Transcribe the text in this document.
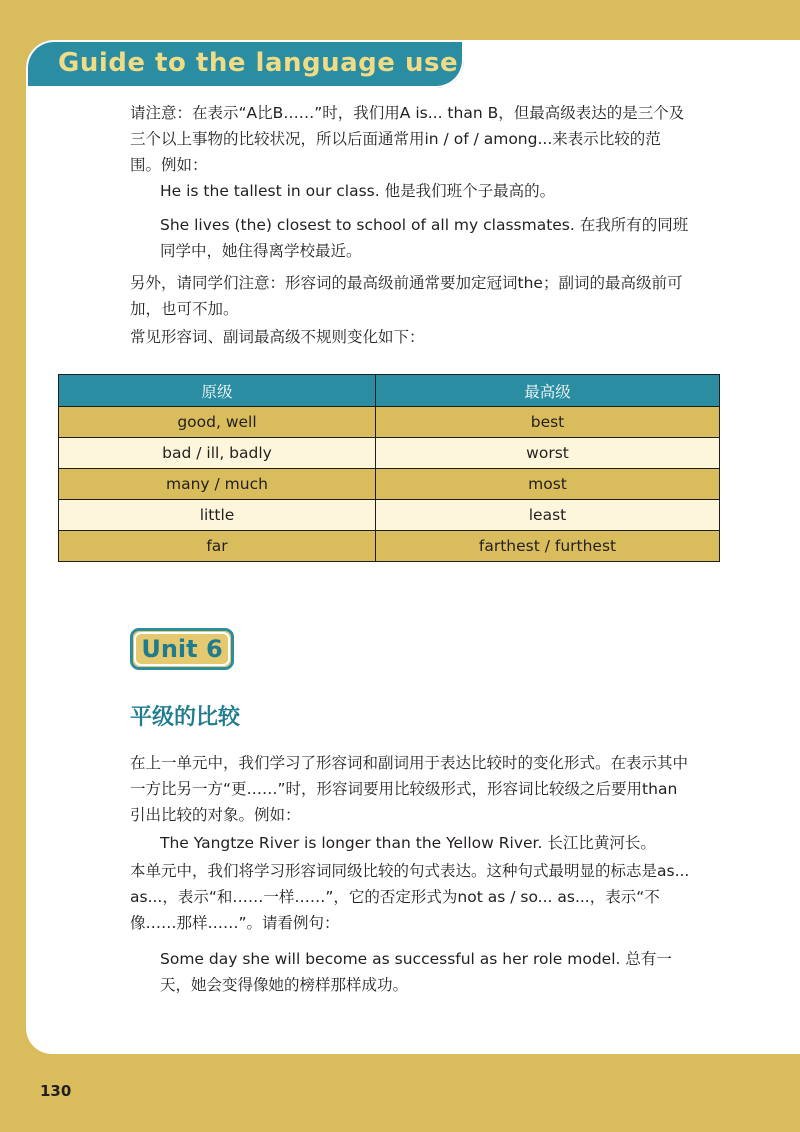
Guide to the language use

请注意：在表示“A比B……”时，我们用A is... than B，但最高级表达的是三个及三个以上事物的比较状况，所以后面通常用in / of / among...来表示比较的范围。例如：

He is the tallest in our class. 他是我们班个子最高的。

She lives (the) closest to school of all my classmates. 在我所有的同班同学中，她住得离学校最近。

另外，请同学们注意：形容词的最高级前通常要加定冠词the；副词的最高级前可加，也可不加。

常见形容词、副词最高级不规则变化如下：

原级	最高级
good, well	best
bad / ill, badly	worst
many / much	most
little	least
far	farthest / furthest
Unit 6
平级的比较

在上一单元中，我们学习了形容词和副词用于表达比较时的变化形式。在表示其中一方比另一方“更……”时，形容词要用比较级形式，形容词比较级之后要用than引出比较的对象。例如：

The Yangtze River is longer than the Yellow River. 长江比黄河长。

本单元中，我们将学习形容词同级比较的句式表达。这种句式最明显的标志是as... as...，表示“和……一样……”，它的否定形式为not as / so... as...，表示“不像……那样……”。请看例句：

Some day she will become as successful as her role model. 总有一天，她会变得像她的榜样那样成功。

130
